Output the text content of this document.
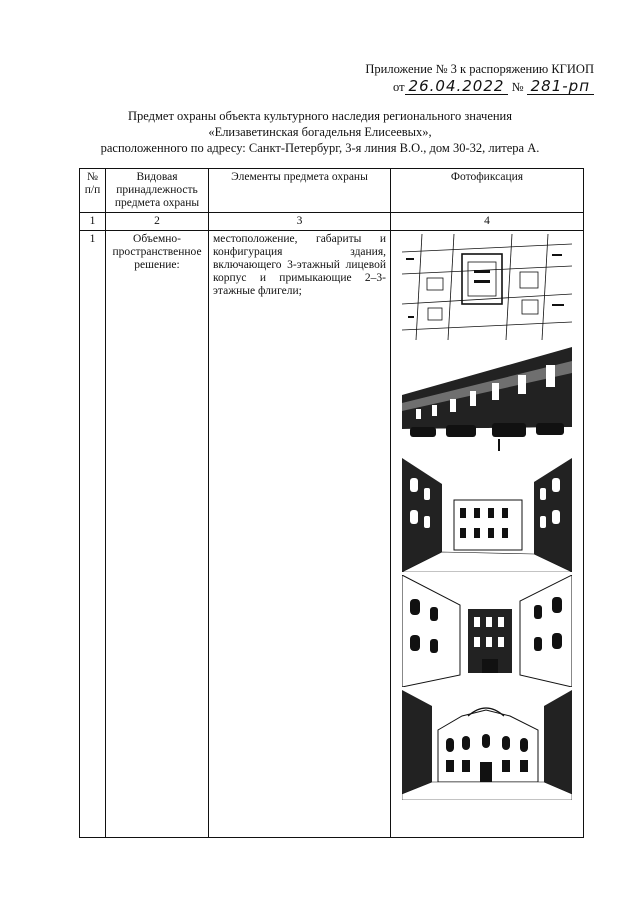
Приложение № 3 к распоряжению КГИОП
от 26.04.2022 № 281-рп
Предмет охраны объекта культурного наследия регионального значения
«Елизаветинская богадельня Елисеевых»,
расположенного по адресу: Санкт-Петербург, 3-я линия В.О., дом 30-32, литера А.
№ п/п	Видовая принадлежность предмета охраны	Элементы предмета охраны	Фотофиксация
1	2	3	4
1	Объемно-пространственное решение:	местоположение, габариты и конфигурация здания, включающего 3-этажный лицевой корпус и примыкающие 2–3-этажные флигели;	
